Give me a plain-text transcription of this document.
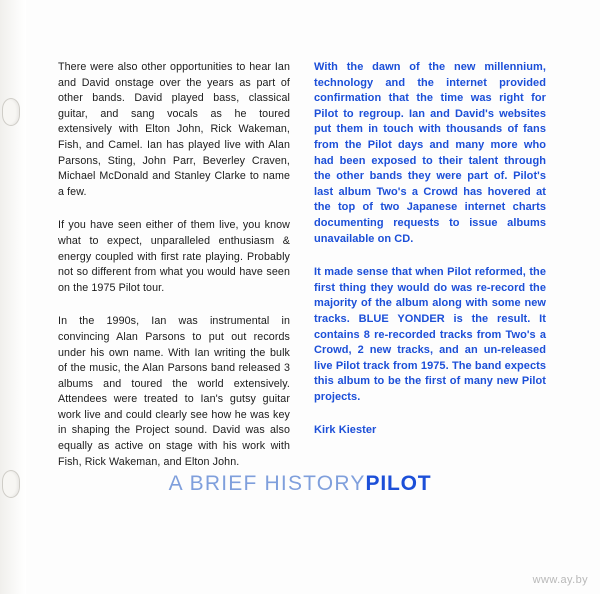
There were also other opportunities to hear Ian and David onstage over the years as part of other bands. David played bass, classical guitar, and sang vocals as he toured extensively with Elton John, Rick Wakeman, Fish, and Camel. Ian has played live with Alan Parsons, Sting, John Parr, Beverley Craven, Michael McDonald and Stanley Clarke to name a few.

If you have seen either of them live, you know what to expect, unparalleled enthusiasm & energy coupled with first rate playing. Probably not so different from what you would have seen on the 1975 Pilot tour.

In the 1990s, Ian was instrumental in convincing Alan Parsons to put out records under his own name. With Ian writing the bulk of the music, the Alan Parsons band released 3 albums and toured the world extensively. Attendees were treated to Ian's gutsy guitar work live and could clearly see how he was key in shaping the Project sound. David was also equally as active on stage with his work with Fish, Rick Wakeman, and Elton John.

With the dawn of the new millennium, technology and the internet provided confirmation that the time was right for Pilot to regroup. Ian and David's websites put them in touch with thousands of fans from the Pilot days and many more who had been exposed to their talent through the other bands they were part of. Pilot's last album Two's a Crowd has hovered at the top of two Japanese internet charts documenting requests to issue albums unavailable on CD.

It made sense that when Pilot reformed, the first thing they would do was re-record the majority of the album along with some new tracks. BLUE YONDER is the result. It contains 8 re-recorded tracks from Two's a Crowd, 2 new tracks, and an un-released live Pilot track from 1975. The band expects this album to be the first of many new Pilot projects.

Kirk Kiester

A BRIEF HISTORYPILOT
www.ay.by
